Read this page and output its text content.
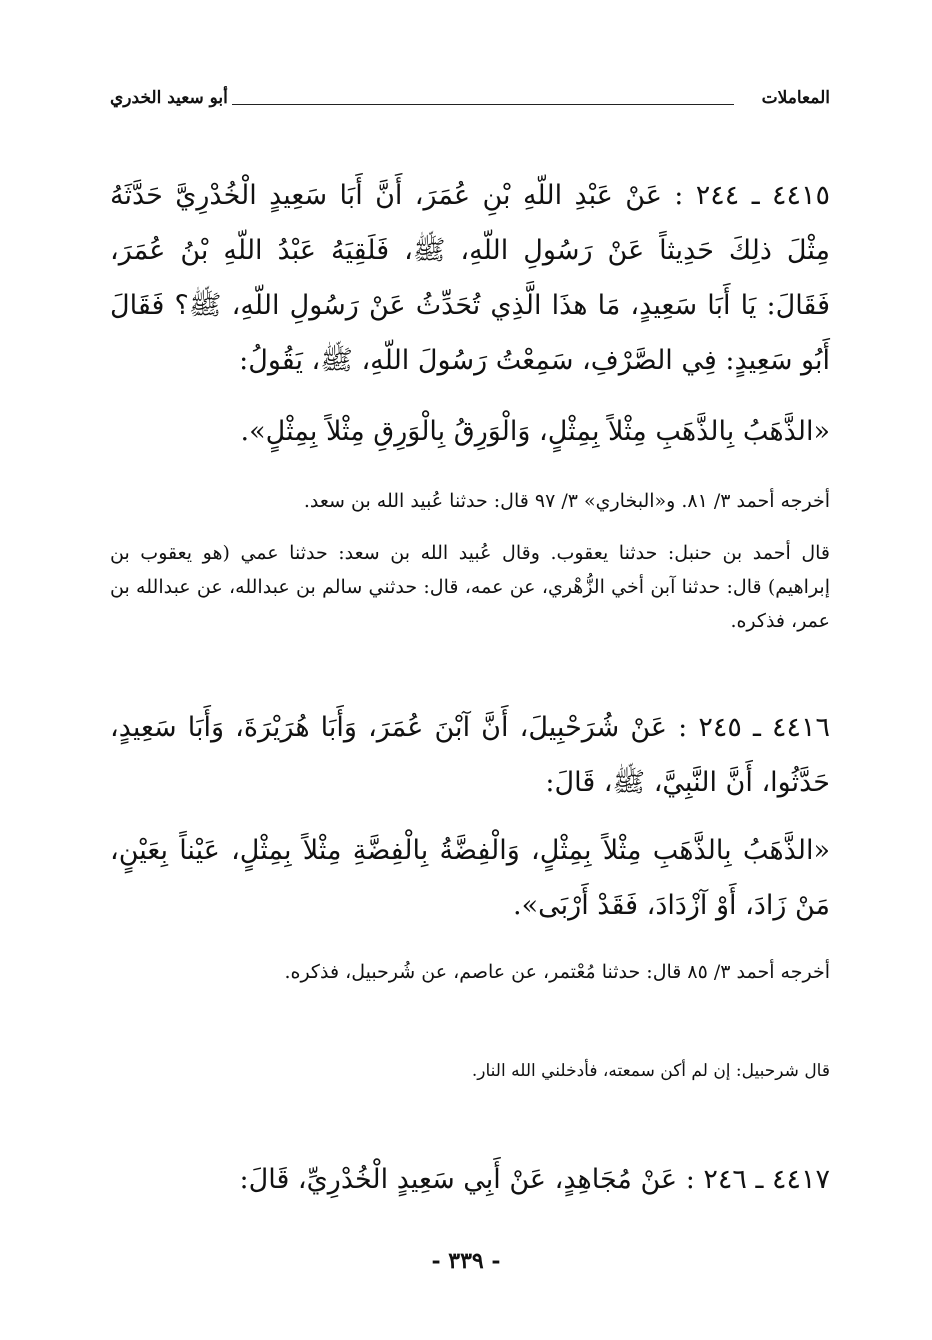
المعاملات
أبو سعيد الخدري
٤٤١٥ ـ ٢٤٤ : عَنْ عَبْدِ اللّهِ بْنِ عُمَرَ، أَنَّ أَبَا سَعِيدٍ الْخُدْرِيَّ حَدَّثَهُ مِثْلَ ذلِكَ حَدِيثاً عَنْ رَسُولِ اللّهِ، ﷺ، فَلَقِيَهُ عَبْدُ اللّهِ بْنُ عُمَرَ، فَقَالَ: يَا أَبَا سَعِيدٍ، مَا هذَا الَّذِي تُحَدِّثُ عَنْ رَسُولِ اللّهِ، ﷺ؟ فَقَالَ أَبُو سَعِيدٍ: فِي الصَّرْفِ، سَمِعْتُ رَسُولَ اللّهِ، ﷺ، يَقُولُ:
«الذَّهَبُ بِالذَّهَبِ مِثْلاً بِمِثْلٍ، وَالْوَرِقُ بِالْوَرِقِ مِثْلاً بِمِثْلٍ».
أخرجه أحمد ٣/ ٨١. و«البخاري» ٣/ ٩٧ قال: حدثنا عُبيد الله بن سعد.
قال أحمد بن حنبل: حدثنا يعقوب. وقال عُبيد الله بن سعد: حدثنا عمي (هو يعقوب بن إبراهيم) قال: حدثنا آبن أخي الزُّهْري، عن عمه، قال: حدثني سالم بن عبدالله، عن عبدالله بن عمر، فذكره.
٤٤١٦ ـ ٢٤٥ : عَنْ شُرَحْبِيلَ، أَنَّ آبْنَ عُمَرَ، وَأَبَا هُرَيْرَةَ، وَأَبَا سَعِيدٍ، حَدَّثُوا، أَنَّ النَّبِيَّ، ﷺ، قَالَ:
«الذَّهَبُ بِالذَّهَبِ مِثْلاً بِمِثْلٍ، وَالْفِضَّةُ بِالْفِضَّةِ مِثْلاً بِمِثْلٍ، عَيْناً بِعَيْنٍ، مَنْ زَادَ، أَوْ آزْدَادَ، فَقَدْ أَرْبَى».
أخرجه أحمد ٣/ ٨٥ قال: حدثنا مُعْتمر، عن عاصم، عن شُرحبيل، فذكره.
قال شرحبيل: إن لم أكن سمعته، فأدخلني الله النار.
٤٤١٧ ـ ٢٤٦ : عَنْ مُجَاهِدٍ، عَنْ أَبِي سَعِيدٍ الْخُدْرِيِّ، قَالَ:
- ٣٣٩ -
